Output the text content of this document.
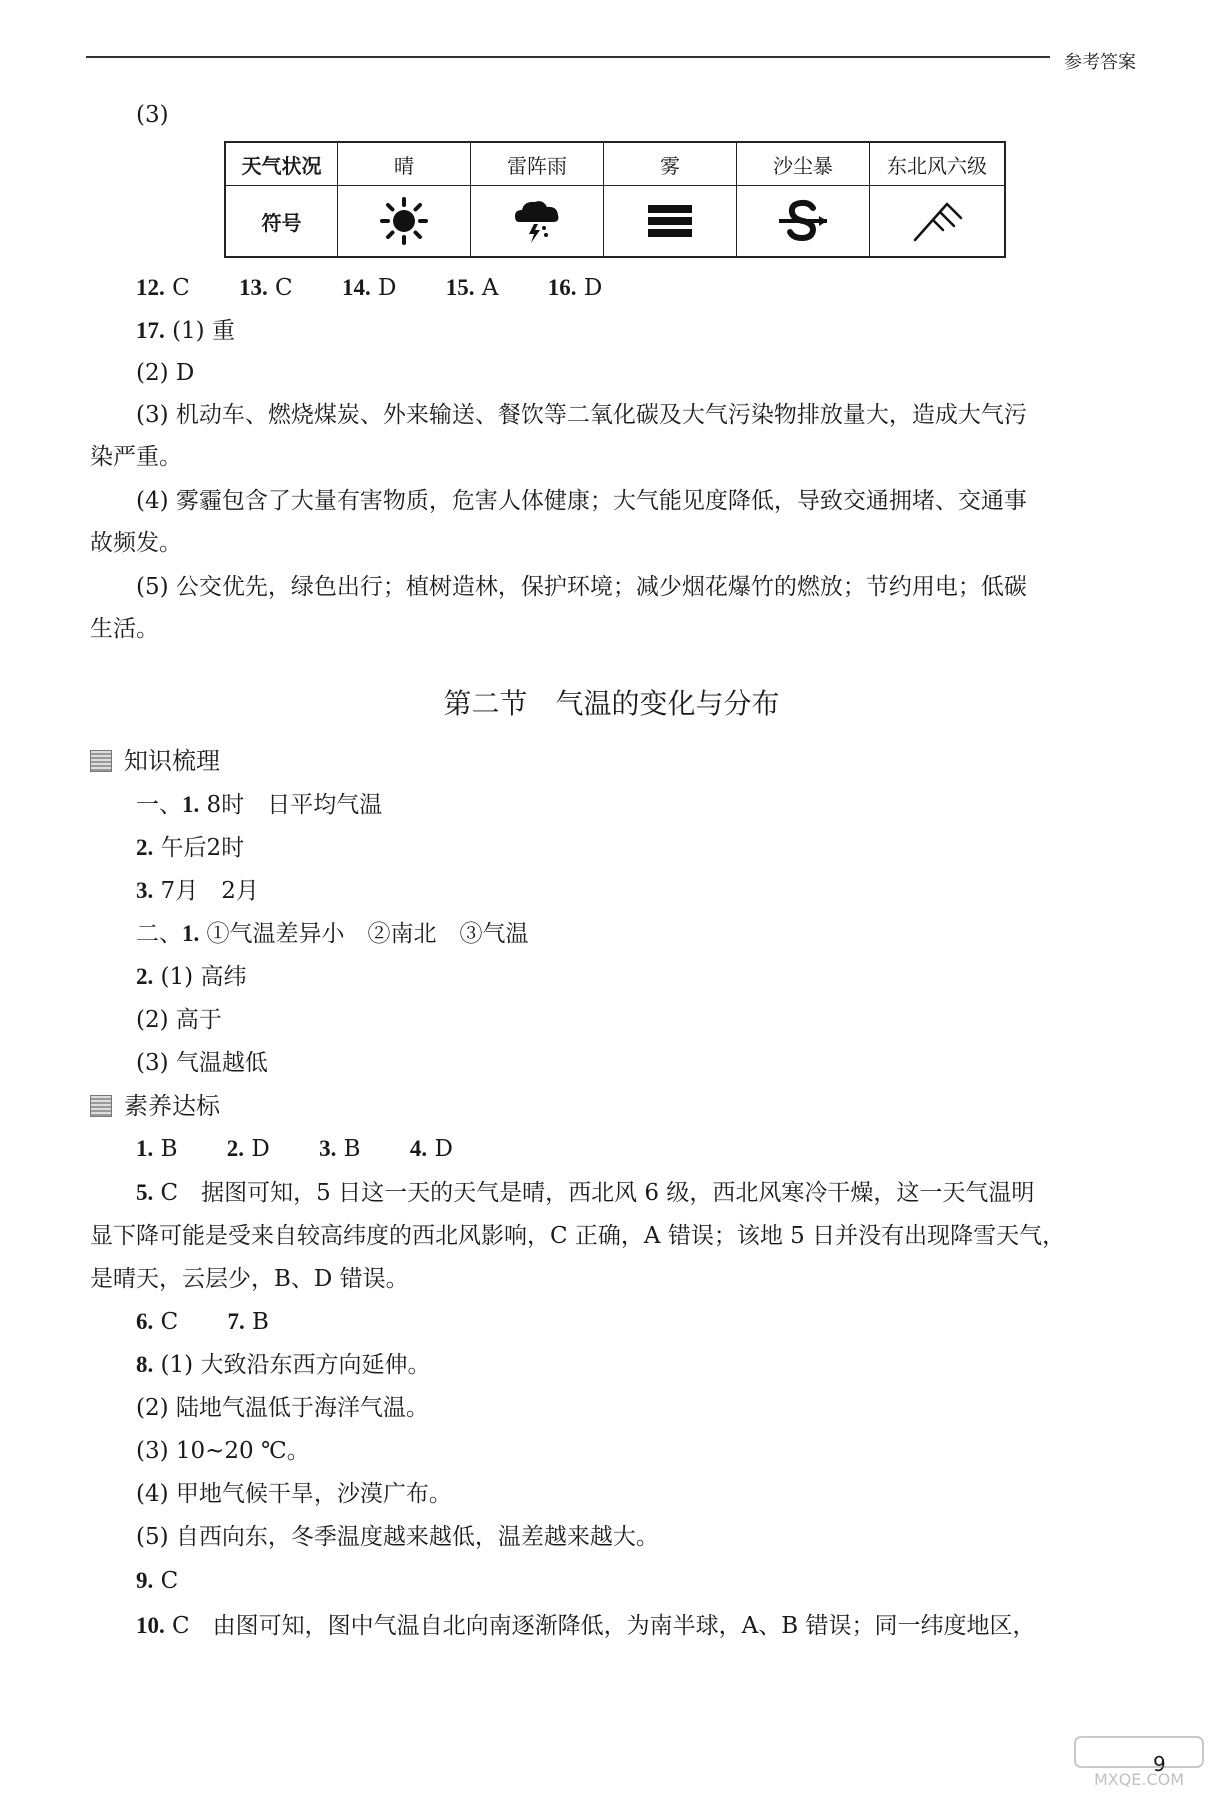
参考答案
(3)
天气状况	晴	雷阵雨	雾	沙尘暴	东北风六级
符号	

12. C 13. C 14. D 15. A 16. D
17. (1) 重
(2) D
(3) 机动车、燃烧煤炭、外来输送、餐饮等二氧化碳及大气污染物排放量大，造成大气污
染严重。
(4) 雾霾包含了大量有害物质，危害人体健康；大气能见度降低，导致交通拥堵、交通事
故频发。
(5) 公交优先，绿色出行；植树造林，保护环境；减少烟花爆竹的燃放；节约用电；低碳
生活。
第二节　气温的变化与分布
知识梳理
一、1. 8时　日平均气温
2. 午后2时
3. 7月　2月
二、1. ①气温差异小　②南北　③气温
2. (1) 高纬
(2) 高于
(3) 气温越低
素养达标
1. B 2. D 3. B 4. D
5. C　据图可知，5 日这一天的天气是晴，西北风 6 级，西北风寒冷干燥，这一天气温明
显下降可能是受来自较高纬度的西北风影响，C 正确，A 错误；该地 5 日并没有出现降雪天气，
是晴天，云层少，B、D 错误。
6. C 7. B
8. (1) 大致沿东西方向延伸。
(2) 陆地气温低于海洋气温。
(3) 10~20 ℃。
(4) 甲地气候干旱，沙漠广布。
(5) 自西向东，冬季温度越来越低，温差越来越大。
9. C
10. C　由图可知，图中气温自北向南逐渐降低，为南半球，A、B 错误；同一纬度地区，
9
MXQE.COM
